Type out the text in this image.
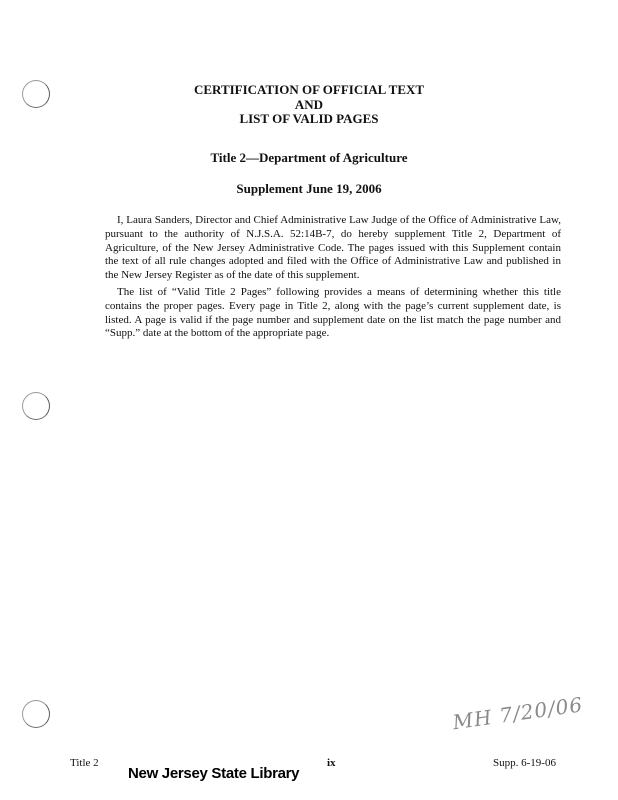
CERTIFICATION OF OFFICIAL TEXT
AND
LIST OF VALID PAGES
Title 2—Department of Agriculture
Supplement June 19, 2006

I, Laura Sanders, Director and Chief Administrative Law Judge of the Office of Administrative Law, pursuant to the authority of N.J.S.A. 52:14B-7, do hereby supplement Title 2, Department of Agriculture, of the New Jersey Administrative Code. The pages issued with this Supplement contain the text of all rule changes adopted and filed with the Office of Administrative Law and published in the New Jersey Register as of the date of this supplement.

The list of “Valid Title 2 Pages” following provides a means of determining whether this title contains the proper pages. Every page in Title 2, along with the page’s current supplement date, is listed. A page is valid if the page number and supplement date on the list match the page number and “Supp.” date at the bottom of the appropriate page.

MH 7/20/06
Title 2	ix	Supp. 6-19-06
New Jersey State Library
